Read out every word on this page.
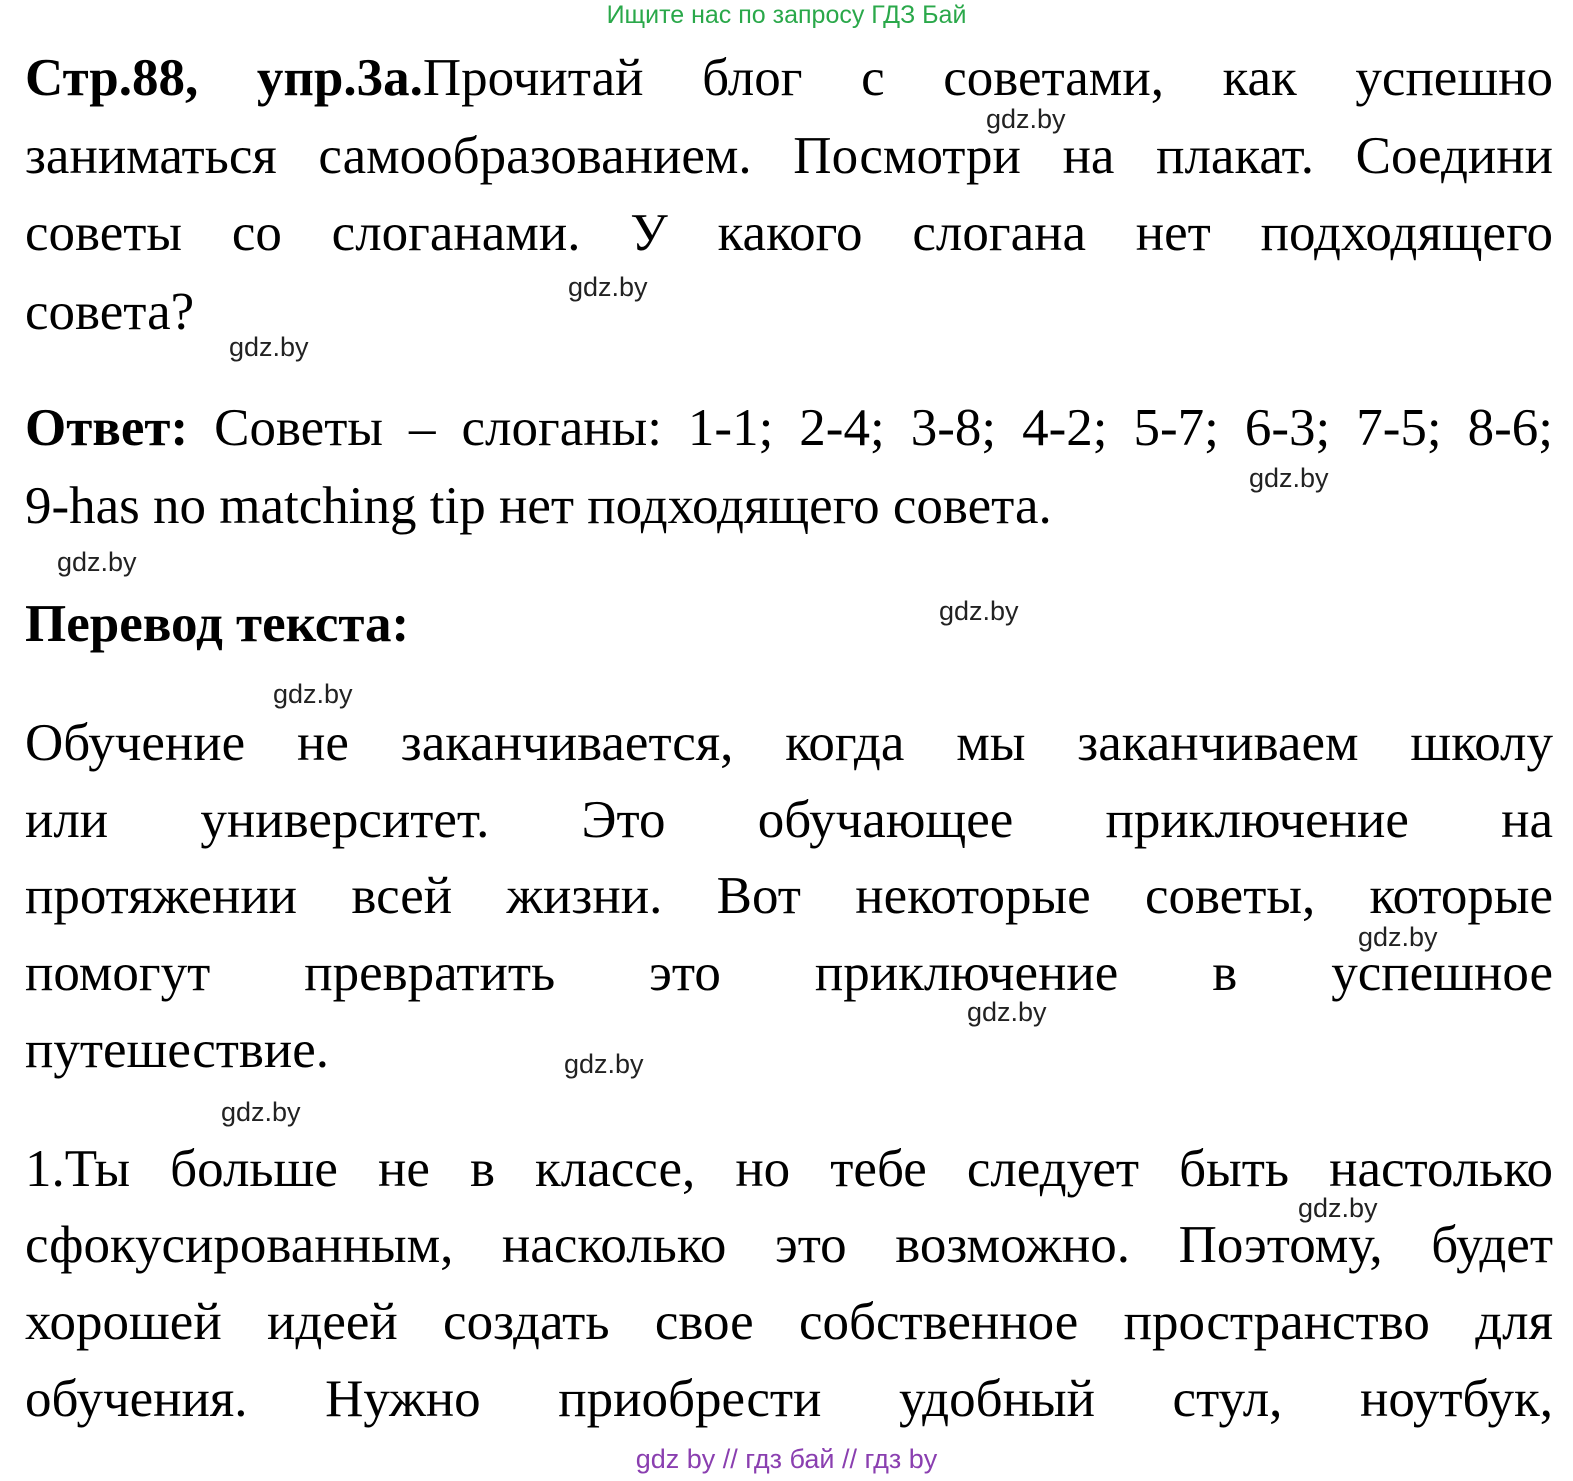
Ищите нас по запросу ГДЗ Бай
Стр.88, упр.3а.Прочитай блог с советами, как успешно
заниматься самообразованием. Посмотри на плакат. Соедини
советы со слоганами. У какого слогана нет подходящего
совета?
Ответ: Советы – слоганы: 1-1; 2-4; 3-8; 4-2; 5-7; 6-3; 7-5; 8-6;
9-has no matching tip нет подходящего совета.
Перевод текста:
Обучение не заканчивается, когда мы заканчиваем школу
или университет. Это обучающее приключение на
протяжении всей жизни. Вот некоторые советы, которые
помогут превратить это приключение в успешное
путешествие.
1.Ты больше не в классе, но тебе следует быть настолько
сфокусированным, насколько это возможно. Поэтому, будет
хорошей идеей создать свое собственное пространство для
обучения. Нужно приобрести удобный стул, ноутбук,
gdz.by
gdz.by
gdz.by
gdz.by
gdz.by
gdz.by
gdz.by
gdz.by
gdz.by
gdz.by
gdz.by
gdz.by
gdz by // гдз бай // гдз by
